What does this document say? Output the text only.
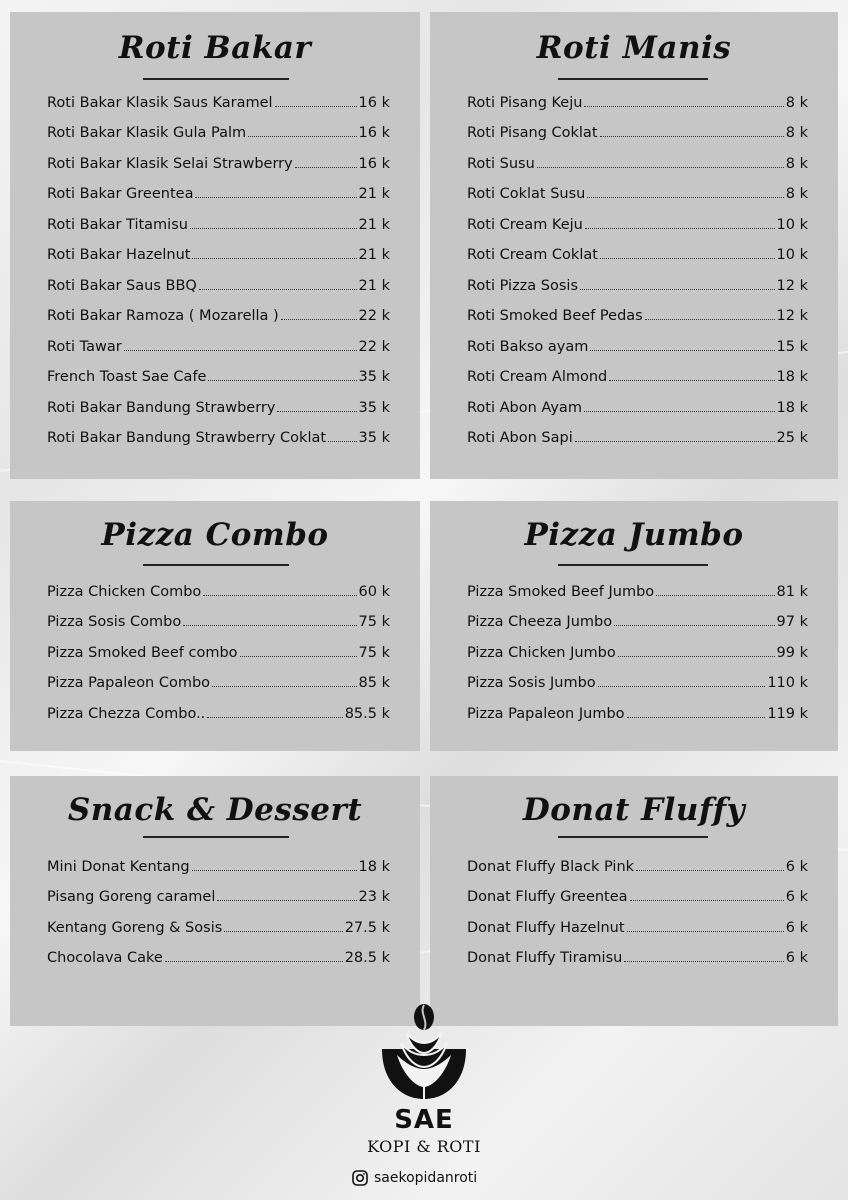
Roti Bakar
Roti Bakar Klasik Saus Karamel	16 k
Roti Bakar Klasik Gula Palm	16 k
Roti Bakar Klasik Selai Strawberry	16 k
Roti Bakar Greentea	21 k
Roti Bakar Titamisu	21 k
Roti Bakar Hazelnut	21 k
Roti Bakar Saus BBQ	21 k
Roti Bakar Ramoza ( Mozarella )	22 k
Roti Tawar	22 k
French Toast Sae Cafe	35 k
Roti Bakar Bandung Strawberry	35 k
Roti Bakar Bandung Strawberry Coklat 35 k
Roti Manis
Roti Pisang Keju	8 k
Roti Pisang Coklat	8 k
Roti Susu	8 k
Roti Coklat Susu	8 k
Roti Cream Keju	10 k
Roti Cream Coklat	10 k
Roti Pizza Sosis	12 k
Roti Smoked Beef Pedas	12 k
Roti Bakso ayam	15 k
Roti Cream Almond	18 k
Roti Abon Ayam	18 k
Roti Abon Sapi	25 k
Pizza Combo
Pizza Chicken Combo	60 k
Pizza Sosis Combo	75 k
Pizza Smoked Beef combo	75 k
Pizza Papaleon Combo	85 k
Pizza Chezza Combo..	85.5 k
Pizza Jumbo
Pizza Smoked Beef Jumbo	81 k
Pizza Cheeza Jumbo	97 k
Pizza Chicken Jumbo	99 k
Pizza Sosis Jumbo	110 k
Pizza Papaleon Jumbo	119 k
Snack & Dessert
Mini Donat Kentang	18 k
Pisang Goreng caramel	23 k
Kentang Goreng & Sosis	27.5 k
Chocolava Cake	28.5 k
Donat Fluffy
Donat Fluffy Black Pink	6 k
Donat Fluffy Greentea	6 k
Donat Fluffy Hazelnut	6 k
Donat Fluffy Tiramisu	6 k
SAE
KOPI & ROTI
saekopidanroti
